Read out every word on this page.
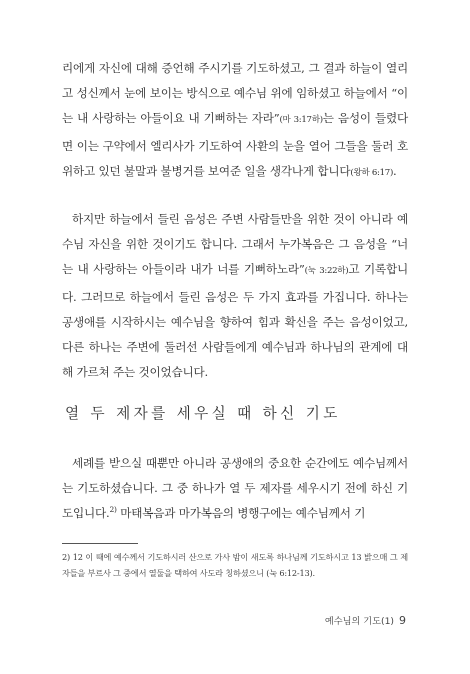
리에게 자신에 대해 증언해 주시기를 기도하셨고, 그 결과 하늘이 열리고 성신께서 눈에 보이는 방식으로 예수님 위에 임하셨고 하늘에서 “이는 내 사랑하는 아들이요 내 기뻐하는 자라”(마 3:17하)는 음성이 들렸다면 이는 구약에서 엘리사가 기도하여 사환의 눈을 열어 그들을 둘러 호위하고 있던 불말과 불병거를 보여준 일을 생각나게 합니다(왕하 6:17).

하지만 하늘에서 들린 음성은 주변 사람들만을 위한 것이 아니라 예수님 자신을 위한 것이기도 합니다. 그래서 누가복음은 그 음성을 “너는 내 사랑하는 아들이라 내가 너를 기뻐하노라”(눅 3:22하)고 기록합니다. 그러므로 하늘에서 들린 음성은 두 가지 효과를 가집니다. 하나는 공생애를 시작하시는 예수님을 향하여 힘과 확신을 주는 음성이었고, 다른 하나는 주변에 둘러선 사람들에게 예수님과 하나님의 관계에 대해 가르쳐 주는 것이었습니다.

열 두 제자를 세우실 때 하신 기도

세례를 받으실 때뿐만 아니라 공생애의 중요한 순간에도 예수님께서는 기도하셨습니다. 그 중 하나가 열 두 제자를 세우시기 전에 하신 기도입니다.$^{2)}$ 마태복음과 마가복음의 병행구에는 예수님께서 기

2) 12 이 때에 예수께서 기도하시러 산으로 가사 밤이 새도록 하나님께 기도하시고 13 밝으매 그 제자들을 부르사 그 중에서 열둘을 택하여 사도라 칭하셨으니 (눅 6:12-13).

예수님의 기도(1) 9
